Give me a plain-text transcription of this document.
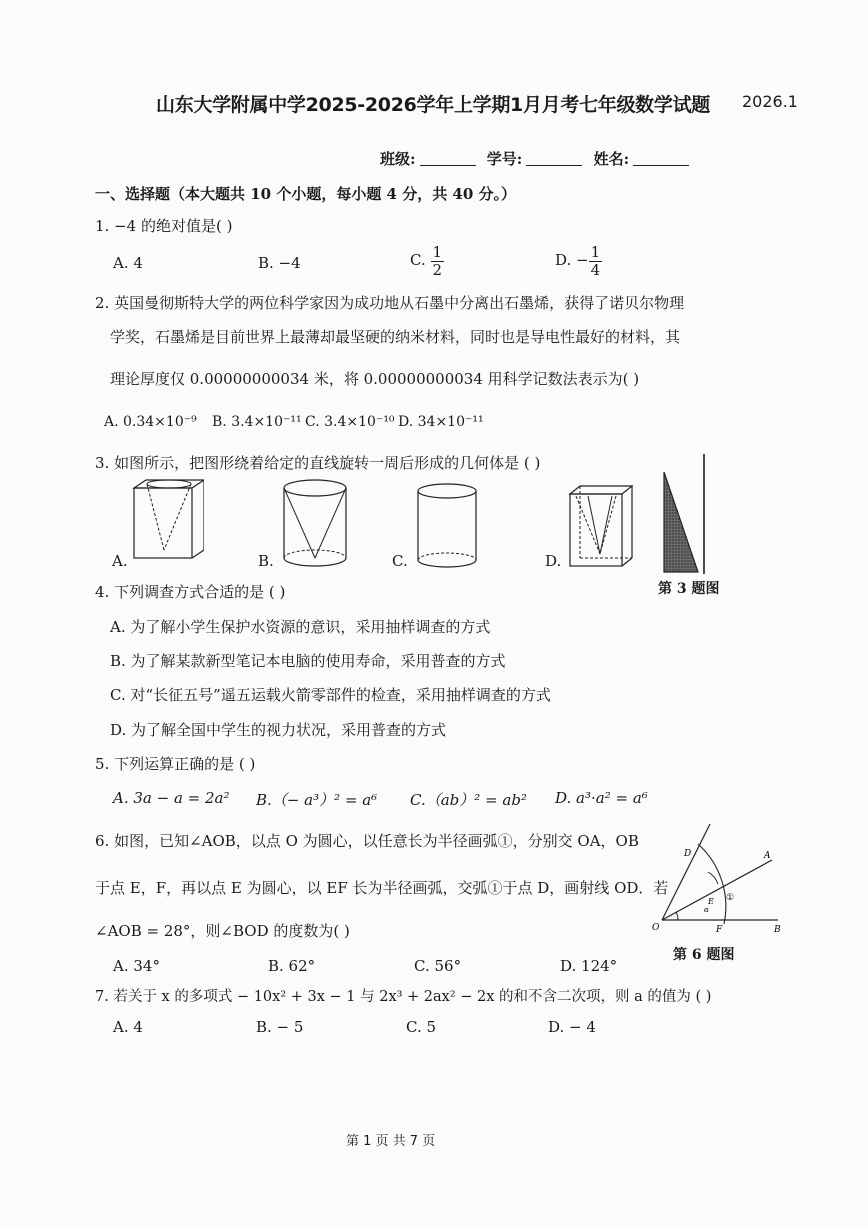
山东大学附属中学2025-2026学年上学期1月月考七年级数学试题 2026.1
班级:	学号:	姓名:
一、选择题（本大题共 10 个小题，每小题 4 分，共 40 分。）
1. −4 的绝对值是( )
A. 4	B. −4	C. $\frac{1}{2}$	D. − $\frac{1}{4}$
2. 英国曼彻斯特大学的两位科学家因为成功地从石墨中分离出石墨烯，获得了诺贝尔物理
学奖，石墨烯是目前世界上最薄却最坚硬的纳米材料，同时也是导电性最好的材料，其
理论厚度仅 0.00000000034 米，将 0.00000000034 用科学记数法表示为( )
A. 0.34×10⁻⁹ B. 3.4×10⁻¹¹ C. 3.4×10⁻¹⁰ D. 34×10⁻¹¹
3. 如图所示，把图形绕着给定的直线旋转一周后形成的几何体是 ( )
A.	B.	C.	D.
第 3 题图
4. 下列调查方式合适的是 ( )
A. 为了解小学生保护水资源的意识，采用抽样调查的方式
B. 为了解某款新型笔记本电脑的使用寿命，采用普查的方式
C. 对“长征五号”遥五运载火箭零部件的检查，采用抽样调查的方式
D. 为了解全国中学生的视力状况，采用普查的方式
5. 下列运算正确的是 ( )
A. 3a − a = 2a² B.（− a³）² = a⁶ C.（ab）² = ab² D. a³·a² = a⁶
6. 如图，已知∠AOB，以点 O 为圆心，以任意长为半径画弧①，分别交 OA，OB
于点 E，F，再以点 E 为圆心，以 EF 长为半径画弧，交弧①于点 D，画射线 OD．若
∠AOB = 28°，则∠BOD 的度数为( )
A. 34°	B. 62°	C. 56°	D. 124°
O	B
A
D
E ①
α
F
第 6 题图
7. 若关于 x 的多项式 − 10x² + 3x − 1 与 2x³ + 2ax² − 2x 的和不含二次项，则 a 的值为 ( )
A. 4	B. − 5	C. 5	D. − 4
第 1 页 共 7 页
